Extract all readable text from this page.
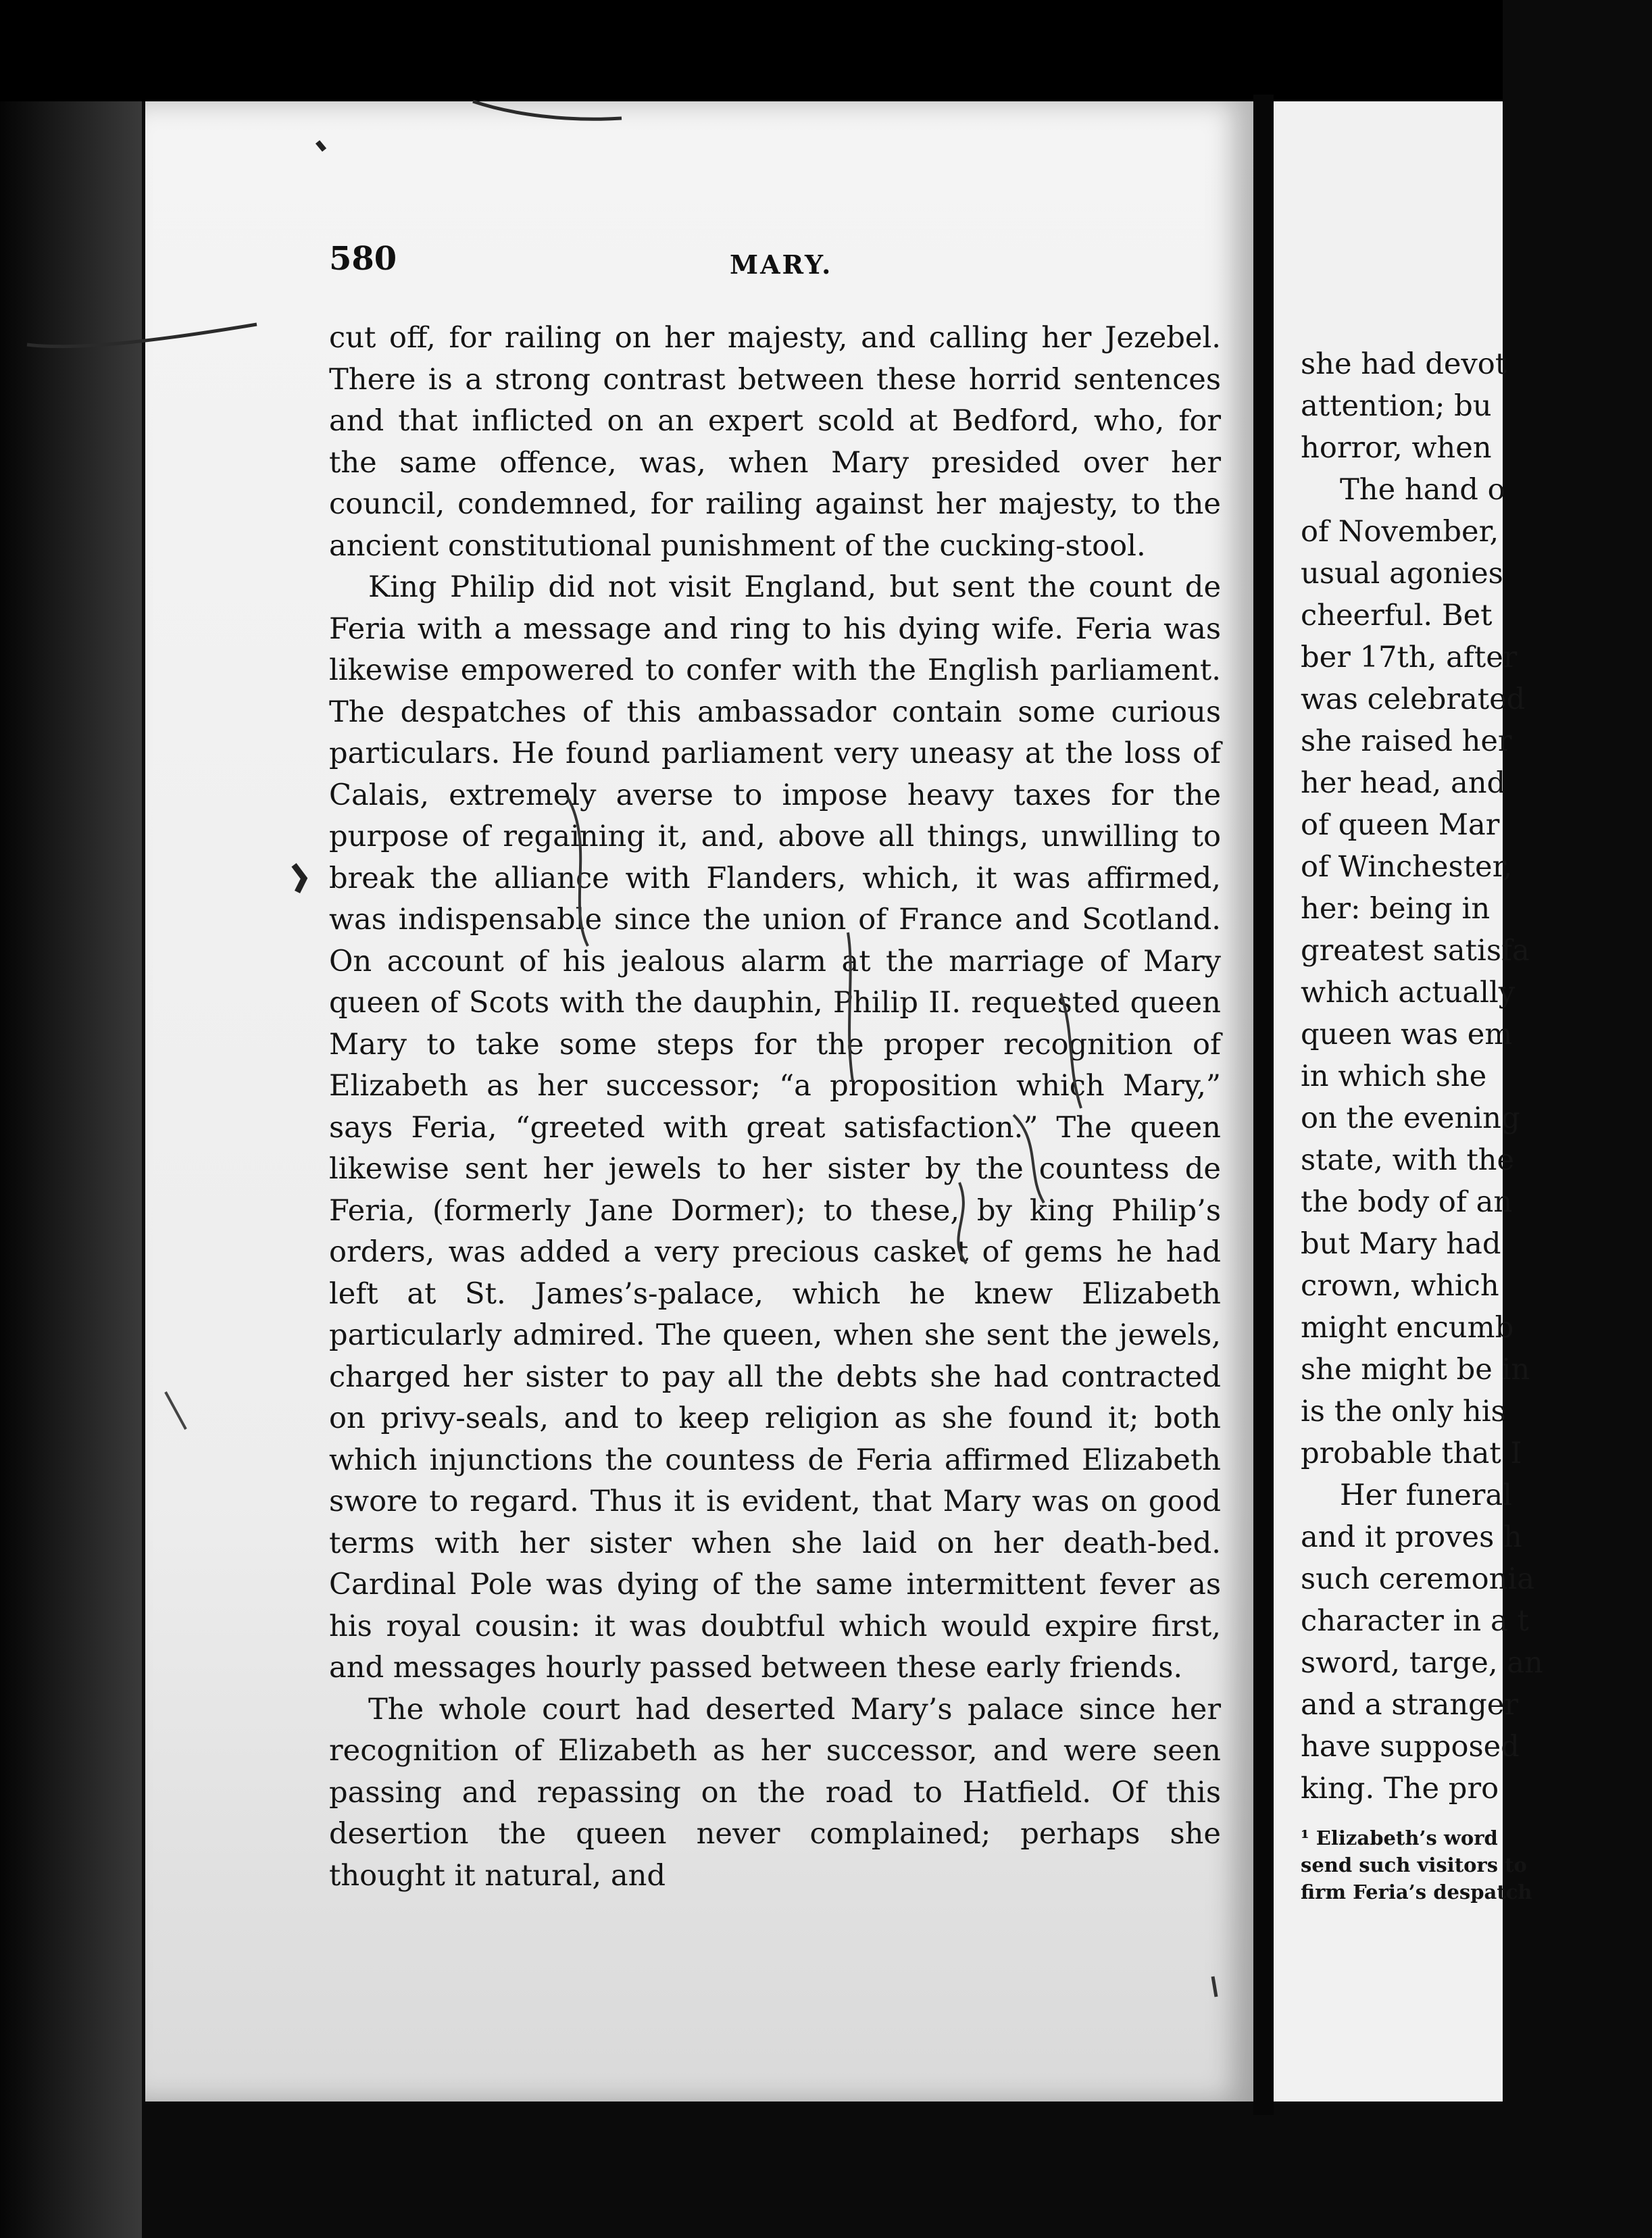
580	MARY.

cut off, for railing on her majesty, and calling her Jezebel. There is a strong contrast between these horrid sentences and that inflicted on an expert scold at Bedford, who, for the same offence, was, when Mary presided over her council, condemned, for railing against her majesty, to the ancient constitutional punishment of the cucking-stool.

King Philip did not visit England, but sent the count de Feria with a message and ring to his dying wife. Feria was likewise empowered to confer with the English parliament. The despatches of this ambassador contain some curious particulars. He found parliament very uneasy at the loss of Calais, extremely averse to impose heavy taxes for the purpose of regaining it, and, above all things, unwilling to break the alliance with Flanders, which, it was affirmed, was indispensable since the union of France and Scotland. On account of his jealous alarm at the marriage of Mary queen of Scots with the dauphin, Philip II. requested queen Mary to take some steps for the proper recognition of Elizabeth as her successor; “a proposition which Mary,” says Feria, “greeted with great satisfaction.” The queen likewise sent her jewels to her sister by the countess de Feria, (formerly Jane Dormer); to these, by king Philip’s orders, was added a very precious casket of gems he had left at St. James’s-palace, which he knew Elizabeth particularly admired. The queen, when she sent the jewels, charged her sister to pay all the debts she had contracted on privy-seals, and to keep religion as she found it; both which injunctions the countess de Feria affirmed Elizabeth swore to regard. Thus it is evident, that Mary was on good terms with her sister when she laid on her death-bed. Cardinal Pole was dying of the same intermittent fever as his royal cousin: it was doubtful which would expire first, and messages hourly passed between these early friends.

The whole court had deserted Mary’s palace since her recognition of Elizabeth as her successor, and were seen passing and repassing on the road to Hatfield. Of this desertion the queen never complained; perhaps she thought it natural, and

she had devot
attention; bu
horror, when
The hand o
of November,
usual agonies
cheerful. Bet
ber 17th, after
was celebrated
she raised her
her head, and
of queen Mar
of Winchester,
her: being in
greatest satisfa
which actually
queen was em
in which she
on the evening
state, with the
the body of an
but Mary had
crown, which
might encumb
she might be in
is the only his
probable that I
Her funeral
and it proves h
such ceremonia
character in a t
sword, targe, an
and a stranger
have supposed
king. The pro
¹ Elizabeth’s word
send such visitors to
firm Feria’s despatch
